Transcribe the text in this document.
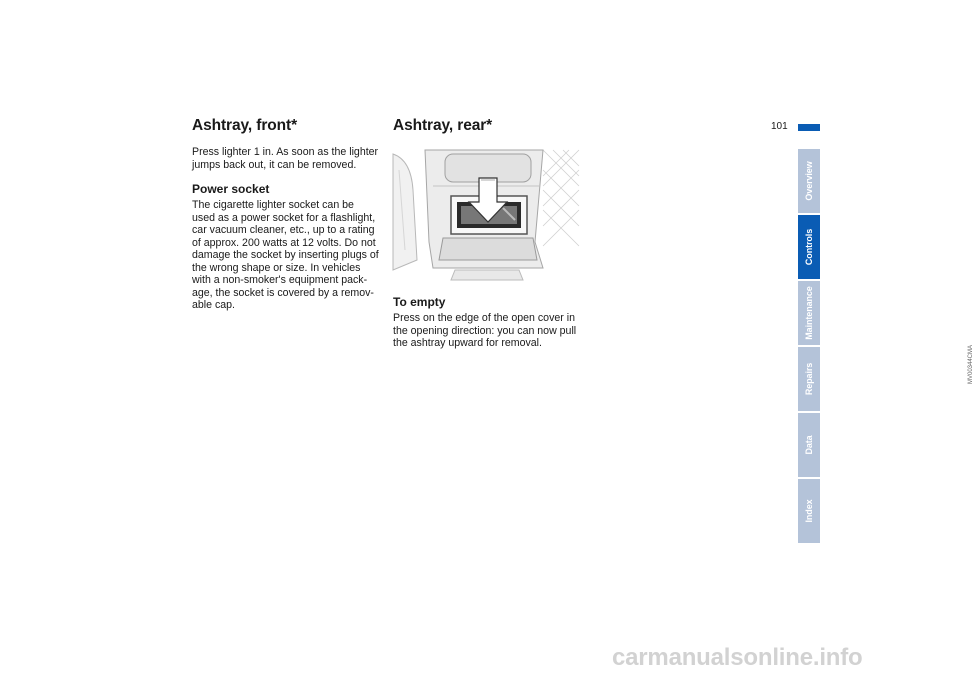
Ashtray, front*

Press lighter 1 in. As soon as the lighter
jumps back out, it can be removed.

Power socket

The cigarette lighter socket can be
used as a power socket for a flashlight,
car vacuum cleaner, etc., up to a rating
of approx. 200 watts at 12 volts. Do not
damage the socket by inserting plugs of
the wrong shape or size. In vehicles
with a non-smoker's equipment pack-
age, the socket is covered by a remov-
able cap.

Ashtray, rear*
MV00344CMA
To empty

Press on the edge of the open cover in
the opening direction: you can now pull
the ashtray upward for removal.

101
Overview
Controls
Maintenance
Repairs
Data
Index
carmanualsonline.info
